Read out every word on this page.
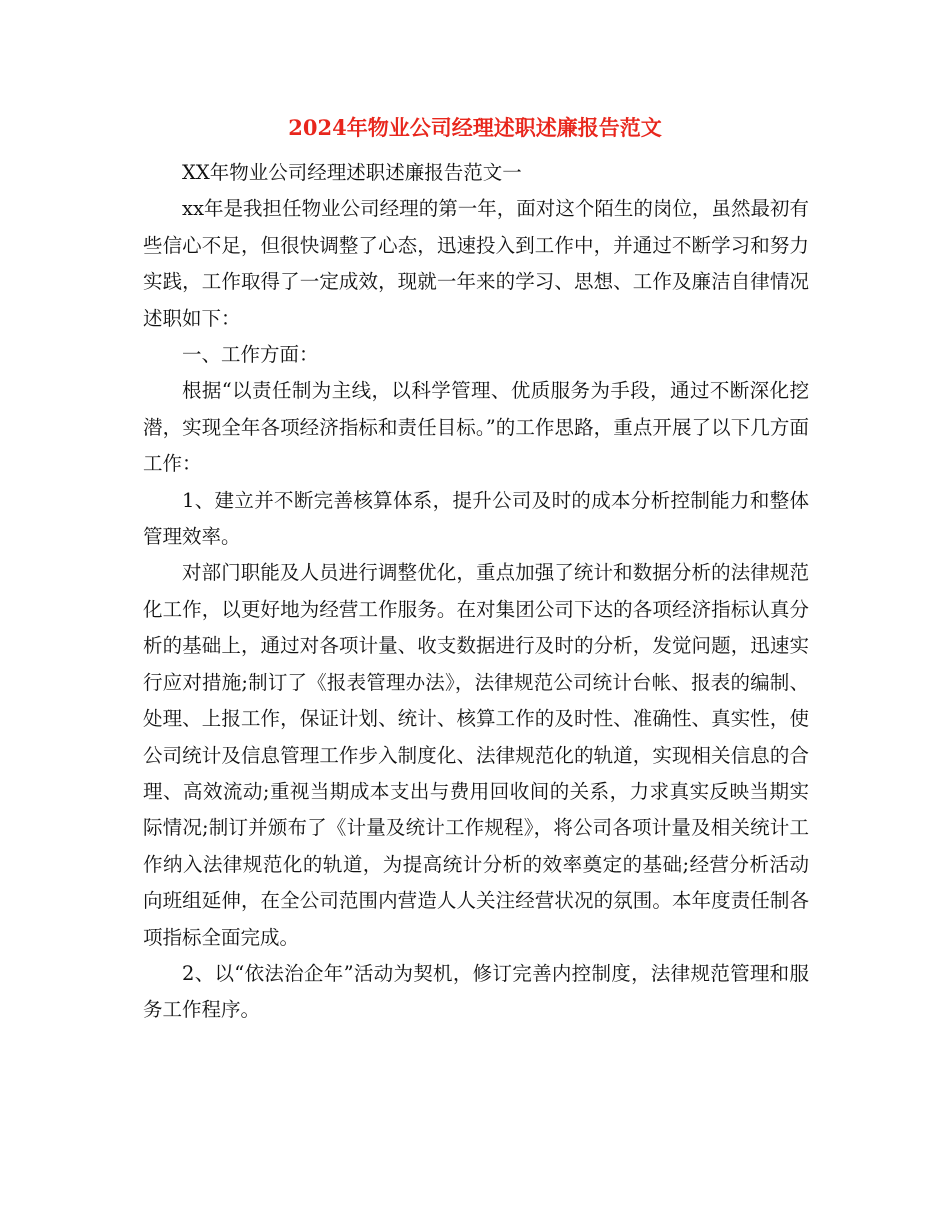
2024年物业公司经理述职述廉报告范文

XX年物业公司经理述职述廉报告范文一

xx年是我担任物业公司经理的第一年，面对这个陌生的岗位，虽然最初有些信心不足，但很快调整了心态，迅速投入到工作中，并通过不断学习和努力实践，工作取得了一定成效，现就一年来的学习、思想、工作及廉洁自律情况述职如下：

一、工作方面：

根据“以责任制为主线，以科学管理、优质服务为手段，通过不断深化挖潜，实现全年各项经济指标和责任目标。”的工作思路，重点开展了以下几方面工作：

1、建立并不断完善核算体系，提升公司及时的成本分析控制能力和整体管理效率。

对部门职能及人员进行调整优化，重点加强了统计和数据分析的法律规范化工作，以更好地为经营工作服务。在对集团公司下达的各项经济指标认真分析的基础上，通过对各项计量、收支数据进行及时的分析，发觉问题，迅速实行应对措施;制订了《报表管理办法》，法律规范公司统计台帐、报表的编制、处理、上报工作，保证计划、统计、核算工作的及时性、准确性、真实性，使公司统计及信息管理工作步入制度化、法律规范化的轨道，实现相关信息的合理、高效流动;重视当期成本支出与费用回收间的关系，力求真实反映当期实际情况;制订并颁布了《计量及统计工作规程》，将公司各项计量及相关统计工作纳入法律规范化的轨道，为提高统计分析的效率奠定的基础;经营分析活动向班组延伸，在全公司范围内营造人人关注经营状况的氛围。本年度责任制各项指标全面完成。

2、以“依法治企年”活动为契机，修订完善内控制度，法律规范管理和服务工作程序。
